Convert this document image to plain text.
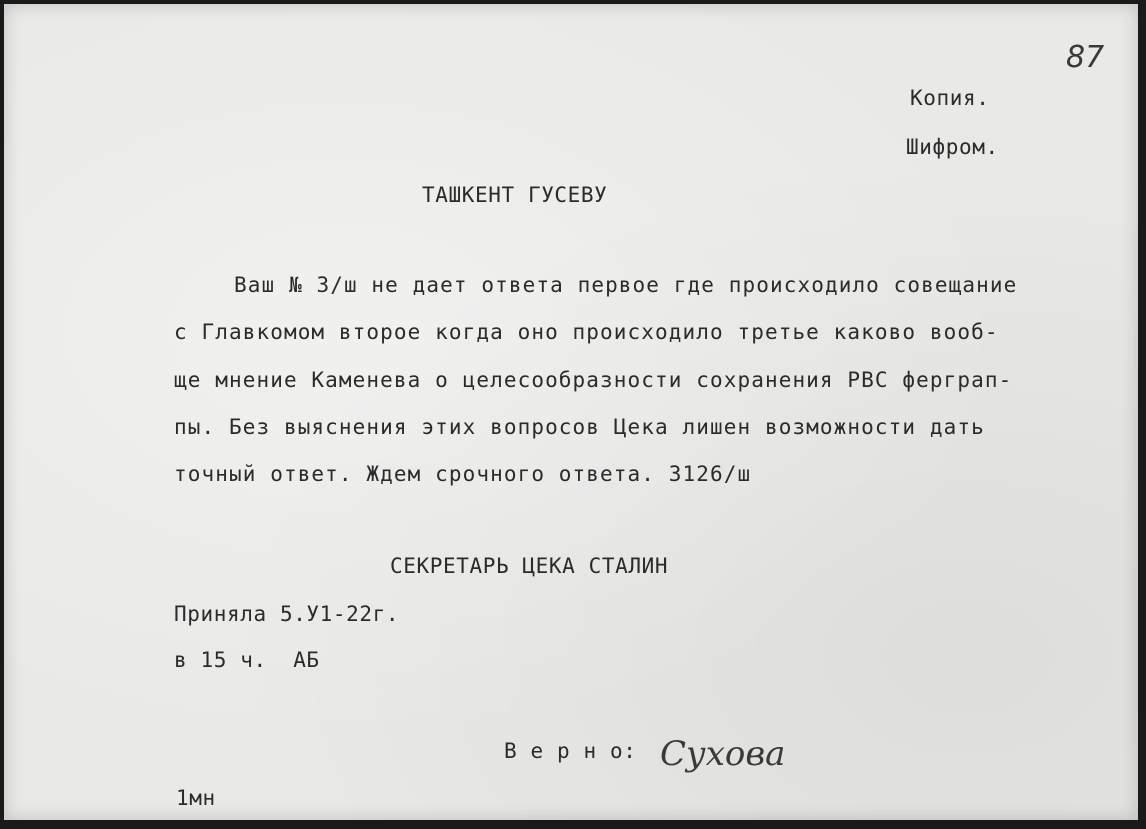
87
Копия.
Шифром.
ТАШКЕНТ ГУСЕВУ
Ваш № 3/ш не дает ответа первое где происходило совещание
с Главкомом второе когда оно происходило третье каково вооб-
ще мнение Каменева о целесообразности сохранения РВС ферграп-
пы. Без выяснения этих вопросов Цека лишен возможности дать
точный ответ. Ждем срочного ответа. 3126/ш
СЕКРЕТАРЬ ЦЕКА СТАЛИН
Приняла 5.У1-22г.
в 15 ч.  АБ
В е р н о: Сухова
1мн
